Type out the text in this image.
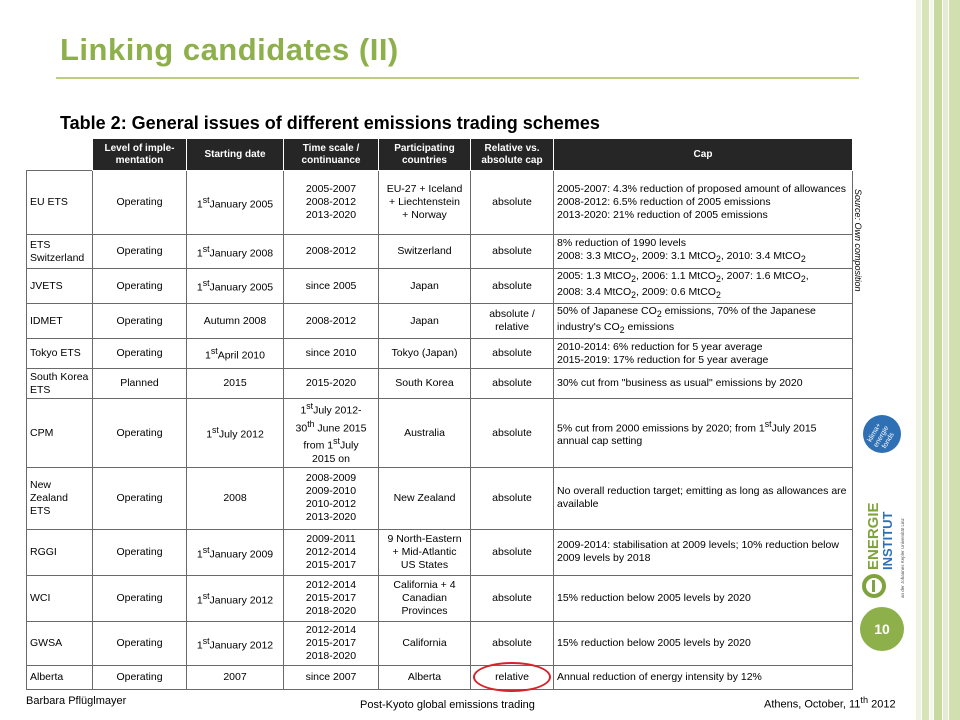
Linking candidates (II)
Table 2: General issues of different emissions trading schemes

	Level of imple-
mentation	Starting date	Time scale /
continuance	Participating
countries	Relative vs.
absolute cap	Cap
EU ETS	Operating	1stJanuary 2005	2005-2007
2008-2012
2013-2020	EU-27 + Iceland
+ Liechtenstein
+ Norway	absolute	2005-2007: 4.3% reduction of proposed amount of allowances
2008-2012: 6.5% reduction of 2005 emissions
2013-2020: 21% reduction of 2005 emissions
ETS Switzerland	Operating	1stJanuary 2008	2008-2012	Switzerland	absolute	8% reduction of 1990 levels
2008: 3.3 MtCO$_2$, 2009: 3.1 MtCO$_2$, 2010: 3.4 MtCO$_2$
JVETS	Operating	1stJanuary 2005	since 2005	Japan	absolute	2005: 1.3 MtCO$_2$, 2006: 1.1 MtCO$_2$, 2007: 1.6 MtCO$_2$,
2008: 3.4 MtCO$_2$, 2009: 0.6 MtCO$_2$
IDMET	Operating	Autumn 2008	2008-2012	Japan	absolute / relative	50% of Japanese $CO_2$ emissions, 70% of the Japanese industry's $CO_2$ emissions
Tokyo ETS	Operating	1stApril 2010	since 2010	Tokyo (Japan)	absolute	2010-2014: 6% reduction for 5 year average
2015-2019: 17% reduction for 5 year average
South Korea ETS	Planned	2015	2015-2020	South Korea	absolute	30% cut from "business as usual" emissions by 2020
CPM	Operating	1stJuly 2012	1stJuly 2012-
30th June 2015
from 1stJuly
2015 on	Australia	absolute	5% cut from 2000 emissions by 2020; from 1stJuly 2015 annual cap setting
New Zealand ETS	Operating	2008	2008-2009
2009-2010
2010-2012
2013-2020	New Zealand	absolute	No overall reduction target; emitting as long as allowances are available
RGGI	Operating	1stJanuary 2009	2009-2011
2012-2014
2015-2017	9 North-Eastern
+ Mid-Atlantic
US States	absolute	2009-2014: stabilisation at 2009 levels; 10% reduction below 2009 levels by 2018
WCI	Operating	1stJanuary 2012	2012-2014
2015-2017
2018-2020	California + 4
Canadian
Provinces	absolute	15% reduction below 2005 levels by 2020
GWSA	Operating	1stJanuary 2012	2012-2014
2015-2017
2018-2020	California	absolute	15% reduction below 2005 levels by 2020
Alberta	Operating	2007	since 2007	Alberta	relative	Annual reduction of energy intensity by 12%
Source: Own composition
klima+ energie fonds
ENERGIE
INSTITUT an der Johannes Kepler Universität Linz
10
Barbara Pflüglmayer	Post-Kyoto global emissions trading	Athens, October, 11th 2012
